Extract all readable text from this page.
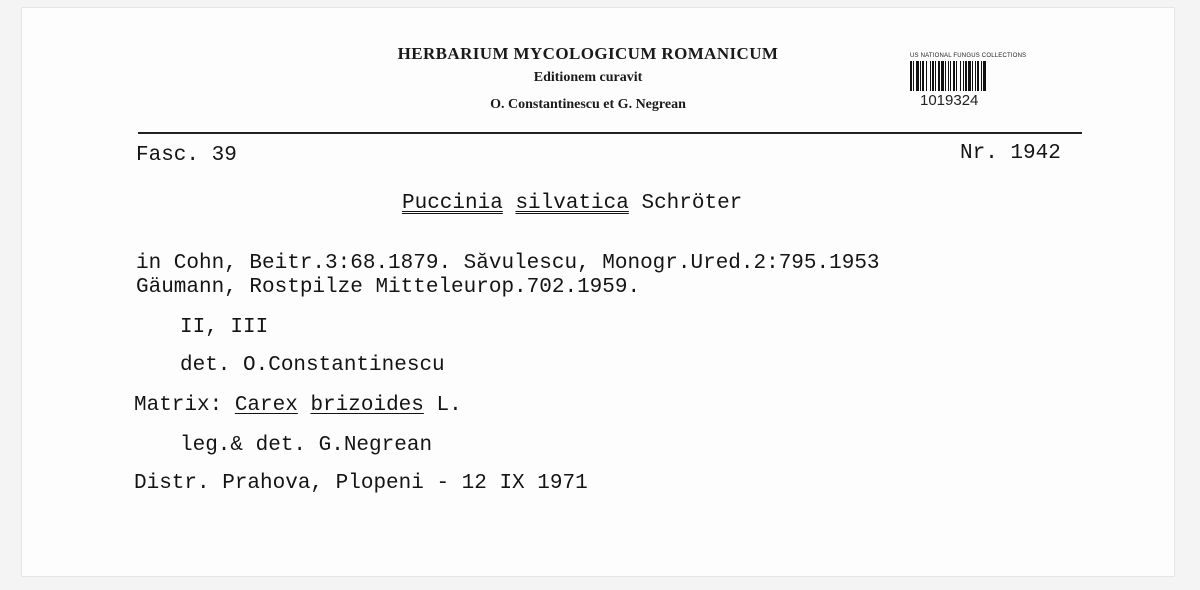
HERBARIUM MYCOLOGICUM ROMANICUM
Editionem curavit
O. Constantinescu et G. Negrean
US NATIONAL FUNGUS COLLECTIONS
1019324
Fasc. 39	Nr. 1942
Puccinia silvatica Schröter
in Cohn, Beitr.3:68.1879. Săvulescu, Monogr.Ured.2:795.1953
Gäumann, Rostpilze Mitteleurop.702.1959.
II, III
det. O.Constantinescu
Matrix: Carex brizoides L.
leg.& det. G.Negrean
Distr. Prahova, Plopeni - 12 IX 1971
